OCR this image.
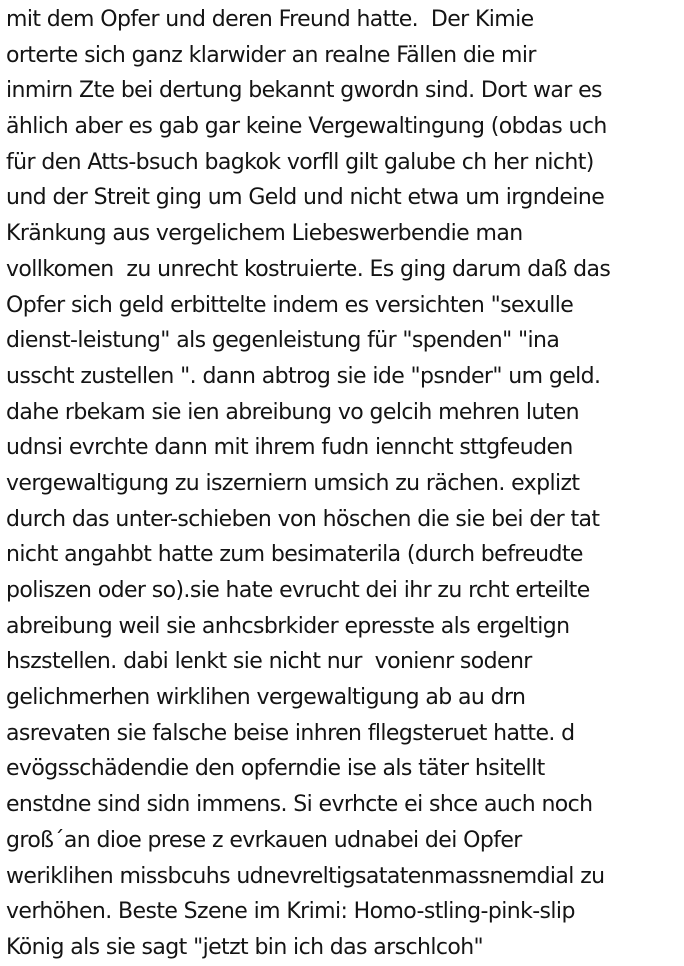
mit dem Opfer und deren Freund hatte.  Der Kimie
orterte sich ganz klarwider an realne Fällen die mir
inmirn Zte bei dertung bekannt gwordn sind. Dort war es
ählich aber es gab gar keine Vergewaltingung (obdas uch
für den Atts-bsuch bagkok vorfll gilt galube ch her nicht)
und der Streit ging um Geld und nicht etwa um irgndeine
Kränkung aus vergelichem Liebeswerbendie man
vollkomen  zu unrecht kostruierte. Es ging darum daß das
Opfer sich geld erbittelte indem es versichten "sexulle
dienst-leistung" als gegenleistung für "spenden" "ina
usscht zustellen ". dann abtrog sie ide "psnder" um geld.
dahe rbekam sie ien abreibung vo gelcih mehren luten
udnsi evrchte dann mit ihrem fudn ienncht sttgfeuden
vergewaltigung zu iszerniern umsich zu rächen. explizt
durch das unter-schieben von höschen die sie bei der tat
nicht angahbt hatte zum besimaterila (durch befreudte
poliszen oder so).sie hate evrucht dei ihr zu rcht erteilte
abreibung weil sie anhcsbrkider epresste als ergeltign
hszstellen. dabi lenkt sie nicht nur  vonienr sodenr
gelichmerhen wirklihen vergewaltigung ab au drn
asrevaten sie falsche beise inhren fllegsteruet hatte. d
evögsschädendie den opferndie ise als täter hsitellt
enstdne sind sidn immens. Si evrhcte ei shce auch noch
groß´an dioe prese z evrkauen udnabei dei Opfer
weriklihen missbcuhs udnevreltigsatatenmassnemdial zu
verhöhen. Beste Szene im Krimi: Homo-stling-pink-slip
König als sie sagt "jetzt bin ich das arschlcoh"
